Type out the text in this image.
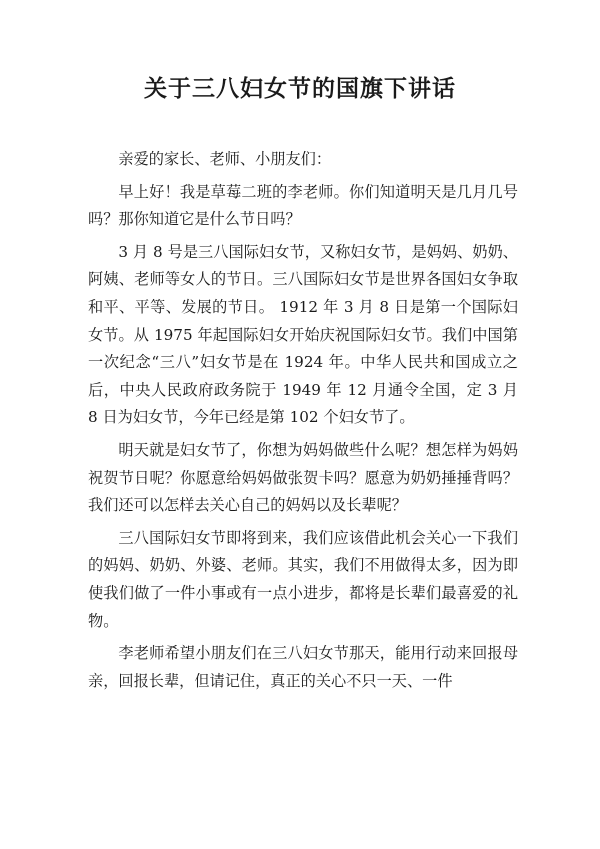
关于三八妇女节的国旗下讲话

亲爱的家长、老师、小朋友们：

早上好！我是草莓二班的李老师。你们知道明天是几月几号吗？那你知道它是什么节日吗？

3 月 8 号是三八国际妇女节，又称妇女节，是妈妈、奶奶、阿姨、老师等女人的节日。三八国际妇女节是世界各国妇女争取和平、平等、发展的节日。 1912 年 3 月 8 日是第一个国际妇女节。从 1975 年起国际妇女开始庆祝国际妇女节。我们中国第一次纪念“三八”妇女节是在 1924 年。中华人民共和国成立之后，中央人民政府政务院于 1949 年 12 月通令全国，定 3 月 8 日为妇女节，今年已经是第 102 个妇女节了。

明天就是妇女节了，你想为妈妈做些什么呢？想怎样为妈妈祝贺节日呢？你愿意给妈妈做张贺卡吗？愿意为奶奶捶捶背吗？我们还可以怎样去关心自己的妈妈以及长辈呢？

三八国际妇女节即将到来，我们应该借此机会关心一下我们的妈妈、奶奶、外婆、老师。其实，我们不用做得太多，因为即使我们做了一件小事或有一点小进步，都将是长辈们最喜爱的礼物。

李老师希望小朋友们在三八妇女节那天，能用行动来回报母亲，回报长辈，但请记住，真正的关心不只一天、一件
